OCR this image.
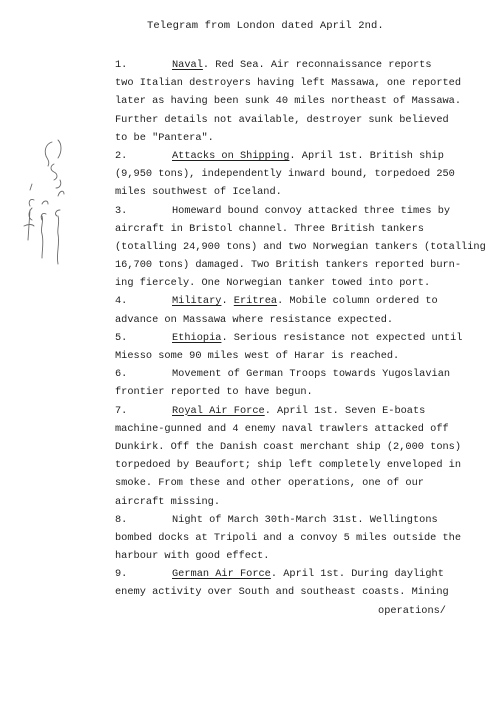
Telegram from London dated April 2nd.
1.	Naval. Red Sea. Air reconnaissance reports
two Italian destroyers having left Massawa, one reported
later as having been sunk 40 miles northeast of Massawa.
Further details not available, destroyer sunk believed
to be "Pantera".
2.	Attacks on Shipping. April 1st. British ship
(9,950 tons), independently inward bound, torpedoed 250
miles southwest of Iceland.
3.	Homeward bound convoy attacked three times by
aircraft in Bristol channel. Three British tankers
(totalling 24,900 tons) and two Norwegian tankers (totalling
16,700 tons) damaged. Two British tankers reported burn-
ing fiercely. One Norwegian tanker towed into port.
4.	Military. Eritrea. Mobile column ordered to
advance on Massawa where resistance expected.
5.	Ethiopia. Serious resistance not expected until
Miesso some 90 miles west of Harar is reached.
6.	Movement of German Troops towards Yugoslavian
frontier reported to have begun.
7.	Royal Air Force. April 1st. Seven E-boats
machine-gunned and 4 enemy naval trawlers attacked off
Dunkirk. Off the Danish coast merchant ship (2,000 tons)
torpedoed by Beaufort; ship left completely enveloped in
smoke. From these and other operations, one of our
aircraft missing.
8.	Night of March 30th-March 31st. Wellingtons
bombed docks at Tripoli and a convoy 5 miles outside the
harbour with good effect.
9.	German Air Force. April 1st. During daylight
enemy activity over South and southeast coasts. Mining
operations/
